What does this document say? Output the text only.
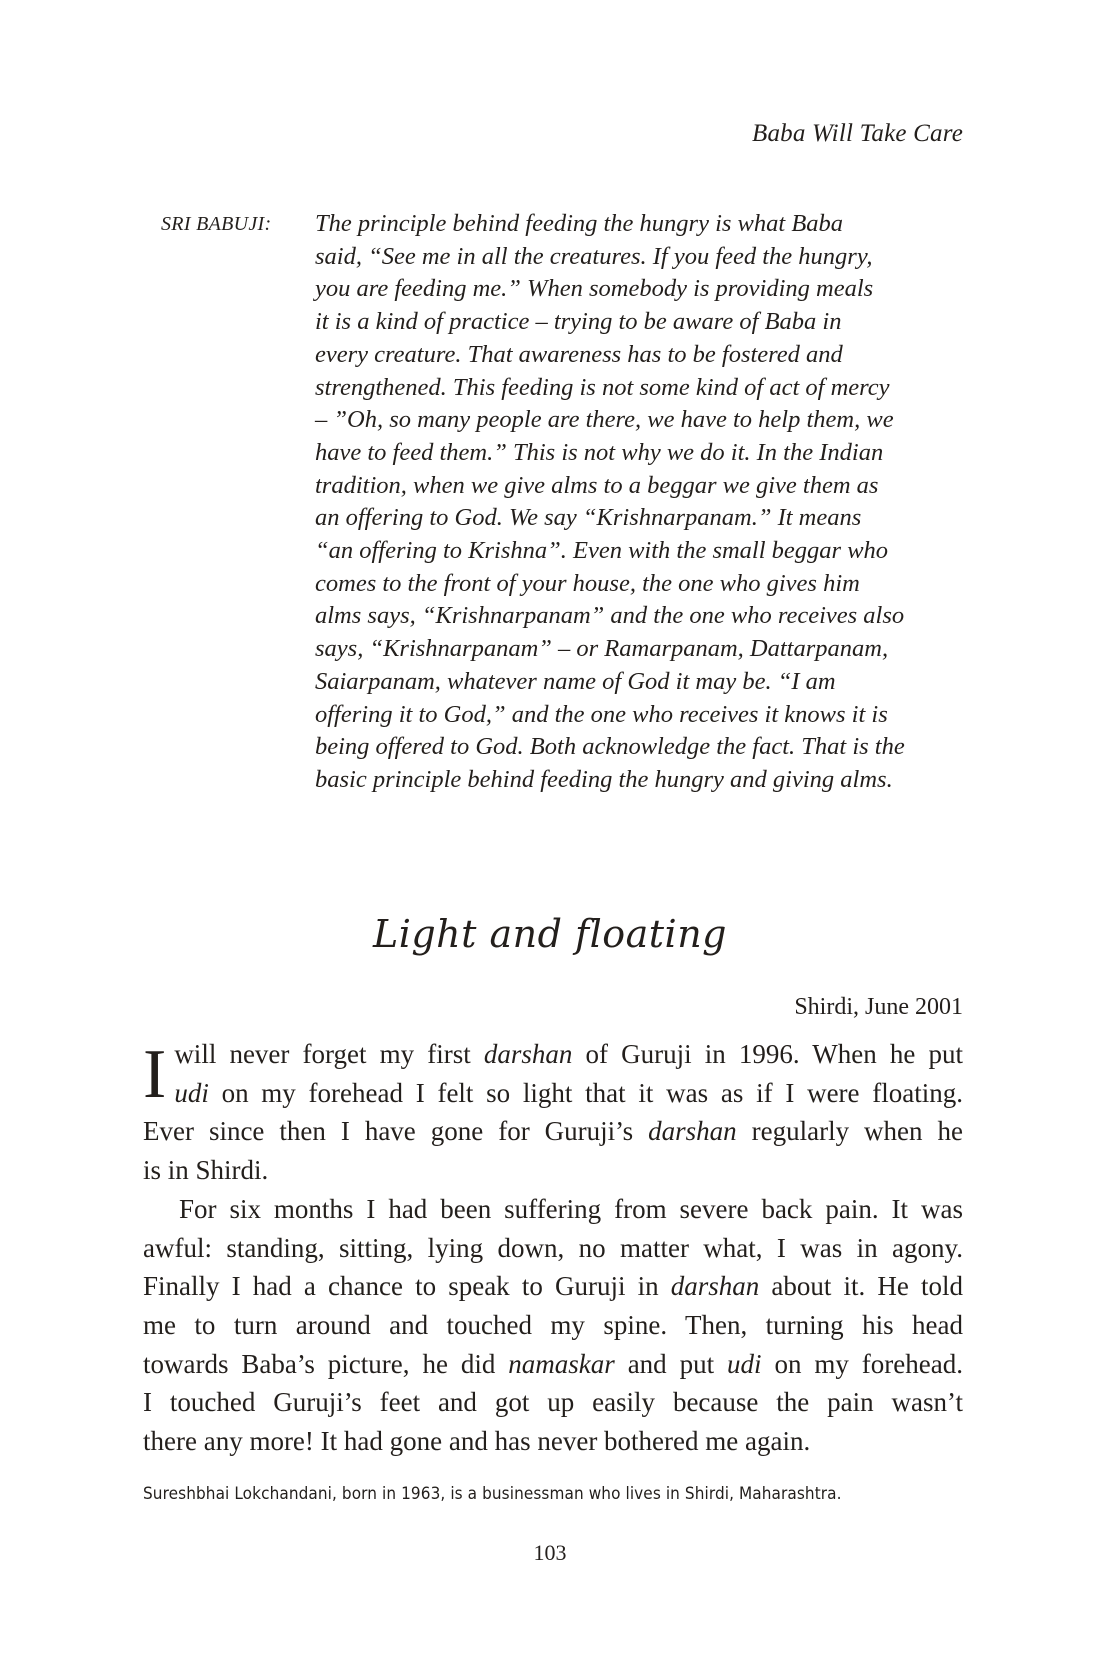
Baba Will Take Care
SRI BABUJI: The principle behind feeding the hungry is what Baba
said, “See me in all the creatures. If you feed the hungry,
you are feeding me.” When somebody is providing meals
it is a kind of practice – trying to be aware of Baba in
every creature. That awareness has to be fostered and
strengthened. This feeding is not some kind of act of mercy
– ”Oh, so many people are there, we have to help them, we
have to feed them.” This is not why we do it. In the Indian
tradition, when we give alms to a beggar we give them as
an offering to God. We say “Krishnarpanam.” It means
“an offering to Krishna”. Even with the small beggar who
comes to the front of your house, the one who gives him
alms says, “Krishnarpanam” and the one who receives also
says, “Krishnarpanam” – or Ramarpanam, Dattarpanam,
Saiarpanam, whatever name of God it may be. “I am
offering it to God,” and the one who receives it knows it is
being offered to God. Both acknowledge the fact. That is the
basic principle behind feeding the hungry and giving alms.
Light and floating
Shirdi, June 2001
I will never forget my first darshan of Guruji in 1996. When he put
udi on my forehead I felt so light that it was as if I were floating.
Ever since then I have gone for Guruji’s darshan regularly when he
is in Shirdi.
For six months I had been suffering from severe back pain. It was
awful: standing, sitting, lying down, no matter what, I was in agony.
Finally I had a chance to speak to Guruji in darshan about it. He told
me to turn around and touched my spine. Then, turning his head
towards Baba’s picture, he did namaskar and put udi on my forehead.
I touched Guruji’s feet and got up easily because the pain wasn’t
there any more! It had gone and has never bothered me again.
Sureshbhai Lokchandani, born in 1963, is a businessman who lives in Shirdi, Maharashtra.
103
